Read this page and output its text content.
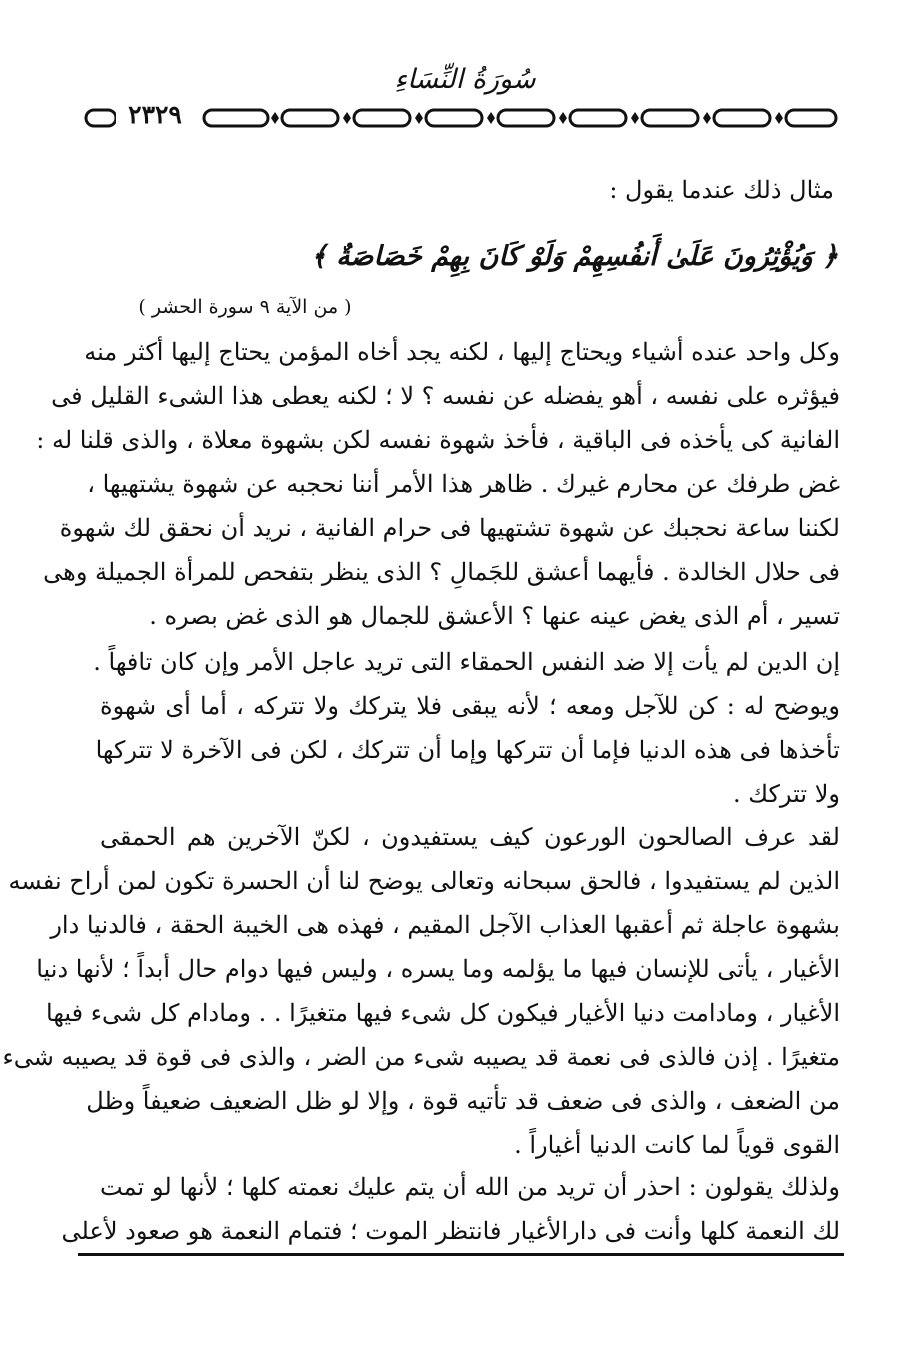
سُورَةُ النِّسَاءِ
٢٣٢٩
مثال ذلك عندما يقول :
﴿ وَيُؤْثِرُونَ عَلَىٰ أَنفُسِهِمْ وَلَوْ كَانَ بِهِمْ خَصَاصَةٌ ﴾
( من الآية ٩ سورة الحشر )
وكل واحد عنده أشياء ويحتاج إليها ، لكنه يجد أخاه المؤمن يحتاج إليها أكثر منه
فيؤثره على نفسه ، أهو يفضله عن نفسه ؟ لا ؛ لكنه يعطى هذا الشىء القليل فى
الفانية كى يأخذه فى الباقية ، فأخذ شهوة نفسه لكن بشهوة معلاة ، والذى قلنا له :
غض طرفك عن محارم غيرك . ظاهر هذا الأمر أننا نحجبه عن شهوة يشتهيها ،
لكننا ساعة نحجبك عن شهوة تشتهيها فى حرام الفانية ، نريد أن نحقق لك شهوة
فى حلال الخالدة . فأيهما أعشق للجَمالِ ؟ الذى ينظر بتفحص للمرأة الجميلة وهى
تسير ، أم الذى يغض عينه عنها ؟ الأعشق للجمال هو الذى غض بصره .
إن الدين لم يأت إلا ضد النفس الحمقاء التى تريد عاجل الأمر وإن كان تافهاً .
ويوضح له : كن للآجل ومعه ؛ لأنه يبقى فلا يتركك ولا تتركه ، أما أى شهوة
تأخذها فى هذه الدنيا فإما أن تتركها وإما أن تتركك ، لكن فى الآخرة لا تتركها
ولا تتركك .
لقد عرف الصالحون الورعون كيف يستفيدون ، لكنّ الآخرين هم الحمقى
الذين لم يستفيدوا ، فالحق سبحانه وتعالى يوضح لنا أن الحسرة تكون لمن أراح نفسه
بشهوة عاجلة ثم أعقبها العذاب الآجل المقيم ، فهذه هى الخيبة الحقة ، فالدنيا دار
الأغيار ، يأتى للإنسان فيها ما يؤلمه وما يسره ، وليس فيها دوام حال أبداً ؛ لأنها دنيا
الأغيار ، ومادامت دنيا الأغيار فيكون كل شىء فيها متغيرًا . . ومادام كل شىء فيها
متغيرًا . إذن فالذى فى نعمة قد يصيبه شىء من الضر ، والذى فى قوة قد يصيبه شىء
من الضعف ، والذى فى ضعف قد تأتيه قوة ، وإلا لو ظل الضعيف ضعيفاً وظل
القوى قوياً لما كانت الدنيا أغياراً .
ولذلك يقولون : احذر أن تريد من الله أن يتم عليك نعمته كلها ؛ لأنها لو تمت
لك النعمة كلها وأنت فى دارالأغيار فانتظر الموت ؛ فتمام النعمة هو صعود لأعلى
